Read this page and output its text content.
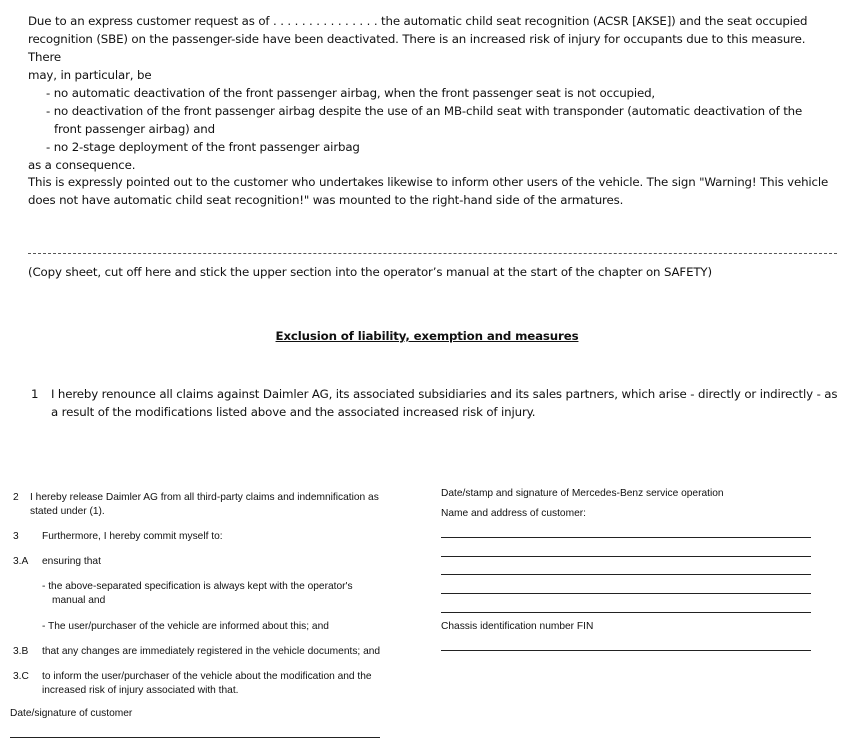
Due to an express customer request as of . . . . . . . . . . . . . . . the automatic child seat recognition (ACSR [AKSE]) and the seat occupied
recognition (SBE) on the passenger-side have been deactivated. There is an increased risk of injury for occupants due to this measure. There
may, in particular, be
- no automatic deactivation of the front passenger airbag, when the front passenger seat is not occupied,
- no deactivation of the front passenger airbag despite the use of an MB-child seat with transponder (automatic deactivation of the
front passenger airbag) and
- no 2-stage deployment of the front passenger airbag
as a consequence.
This is expressly pointed out to the customer who undertakes likewise to inform other users of the vehicle. The sign "Warning! This vehicle
does not have automatic child seat recognition!" was mounted to the right-hand side of the armatures.
(Copy sheet, cut off here and stick the upper section into the operator’s manual at the start of the chapter on SAFETY)
Exclusion of liability, exemption and measures
1 I hereby renounce all claims against Daimler AG, its associated subsidiaries and its sales partners, which arise - directly or indirectly - as
a result of the modifications listed above and the associated increased risk of injury.
2 I hereby release Daimler AG from all third-party claims and indemnification as
stated under (1).
3 Furthermore, I hereby commit myself to:
3.A ensuring that
- the above-separated specification is always kept with the operator's
manual and
- The user/purchaser of the vehicle are informed about this; and
3.B that any changes are immediately registered in the vehicle documents; and
3.C to inform the user/purchaser of the vehicle about the modification and the
increased risk of injury associated with that.
Date/signature of customer
Date/stamp and signature of Mercedes-Benz service operation
Name and address of customer:
Chassis identification number FIN
